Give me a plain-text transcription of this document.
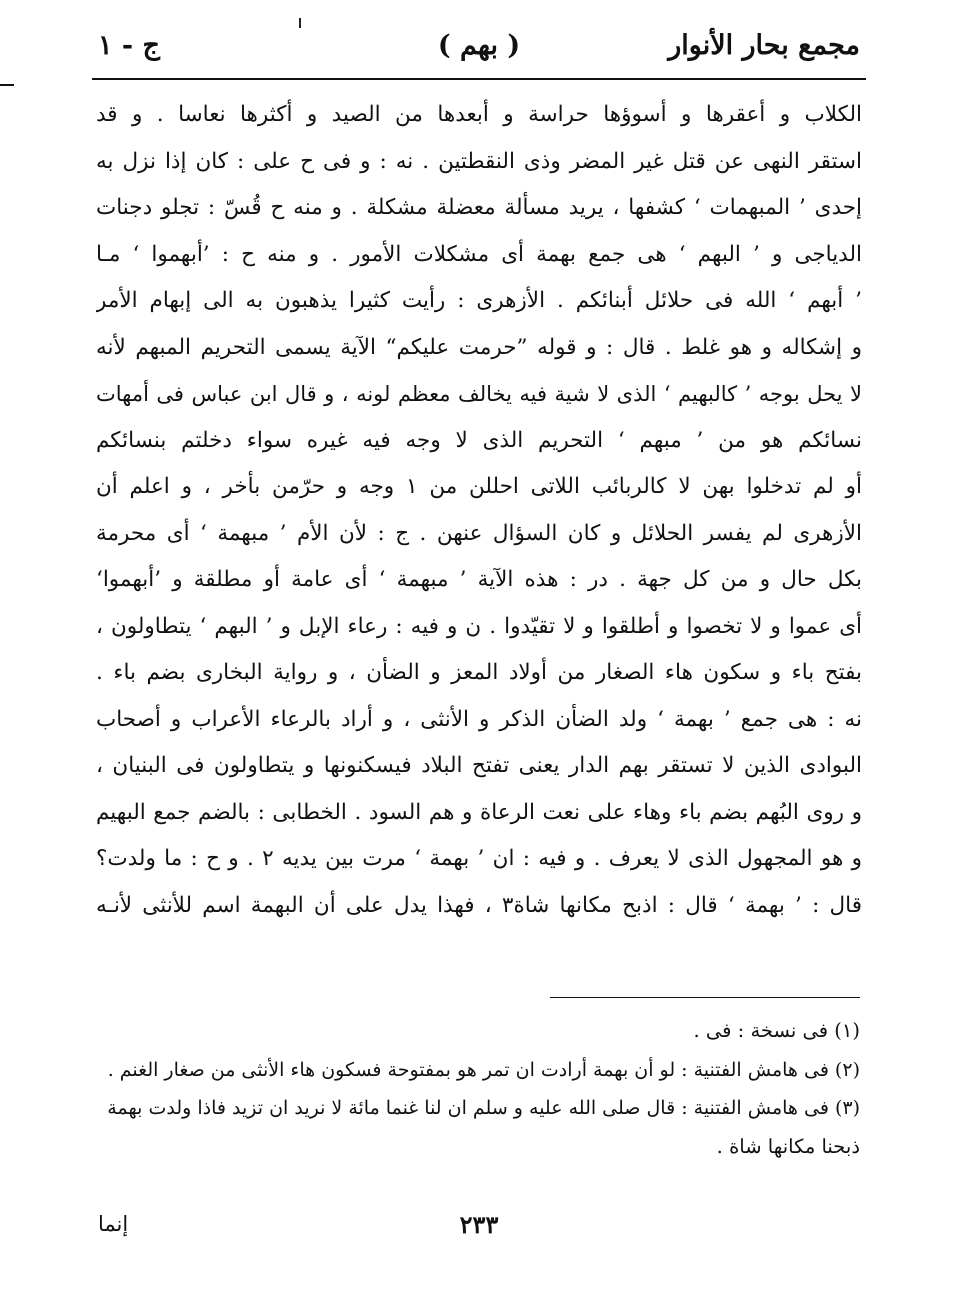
مجمع بحار الأنوار
( بهم )
ج - ١
الكلاب و أعقرها و أسوؤها حراسة و أبعدها من الصيد و أكثرها نعاسا . و قد
استقر النهى عن قتل غير المضر وذى النقطتين . نه : و فى ح على : كان إذا نزل به
إحدى ’ المبهمات ‘ كشفها ، يريد مسألة معضلة مشكلة . و منه ح قُسّ : تجلو دجنات
الدياجى و ’ البهم ‘ هى جمع بهمة أى مشكلات الأمور . و منه ح : ’أبهموا ‘ مـا
’ أبهم ‘ الله فى حلائل أبنائكم . الأزهرى : رأيت كثيرا يذهبون به الى إبهام الأمر
و إشكاله و هو غلط . قال : و قوله ”حرمت عليكم“ الآية يسمى التحريم المبهم لأنه
لا يحل بوجه ’ كالبهيم ‘ الذى لا شية فيه يخالف معظم لونه ، و قال ابن عباس فى أمهات
نسائكم هو من ’ مبهم ‘ التحريم الذى لا وجه فيه غيره سواء دخلتم بنسائكم
أو لم تدخلوا بهن لا كالربائب اللاتى احللن من ١ وجه و حرّمن بأخر ، و اعلم أن
الأزهرى لم يفسر الحلائل و كان السؤال عنهن . ج : لأن الأم ’ مبهمة ‘ أى محرمة
بكل حال و من كل جهة . در : هذه الآية ’ مبهمة ‘ أى عامة أو مطلقة و ’أبهموا‘
أى عموا و لا تخصوا و أطلقوا و لا تقيّدوا . ن و فيه : رعاء الإبل و ’ البهم ‘ يتطاولون ،
بفتح باء و سكون هاء الصغار من أولاد المعز و الضأن ، و رواية البخارى بضم باء .
نه : هى جمع ’ بهمة ‘ ولد الضأن الذكر و الأنثى ، و أراد بالرعاء الأعراب و أصحاب
البوادى الذين لا تستقر بهم الدار يعنى تفتح البلاد فيسكنونها و يتطاولون فى البنيان ،
و روى البُهم بضم باء وهاء على نعت الرعاة و هم السود . الخطابى : بالضم جمع البهيم
و هو المجهول الذى لا يعرف . و فيه : ان ’ بهمة ‘ مرت بين يديه ٢ . و ح : ما ولدت؟
قال : ’ بهمة ‘ قال : اذبح مكانها شاة٣ ، فهذا يدل على أن البهمة اسم للأنثى لأنـه
(١) فى نسخة : فى .
(٢) فى هامش الفتنية : لو أن بهمة أرادت ان تمر هو بمفتوحة فسكون هاء الأنثى من صغار الغنم .
(٣) فى هامش الفتنية : قال صلى الله عليه و سلم ان لنا غنما مائة لا نريد ان تزيد فاذا ولدت بهمة
ذبحنا مكانها شاة .
٢٣٣
إنما
